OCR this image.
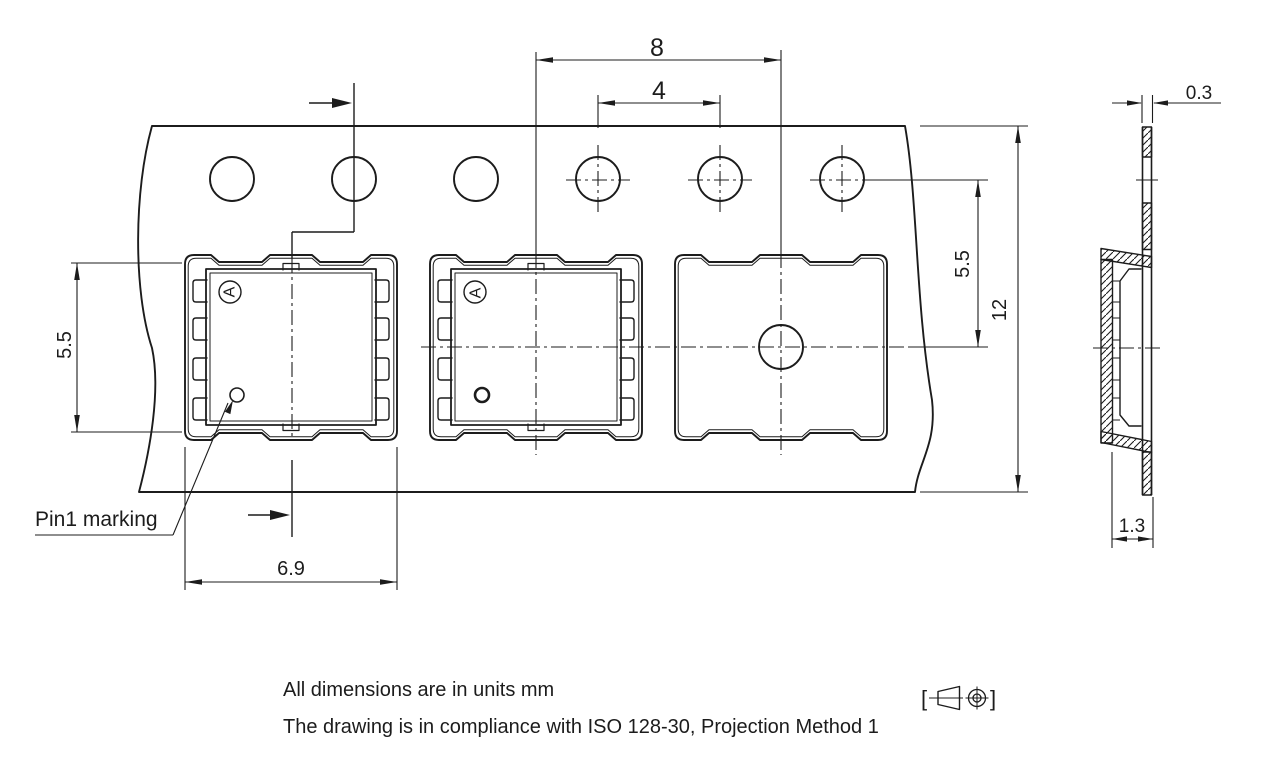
8
4
5.5
5.5
12
6.9
0.3
1.3
Pin1 marking
A	A
All dimensions are in units mm
The drawing is in compliance with ISO 128-30, Projection Method 1
[	]
